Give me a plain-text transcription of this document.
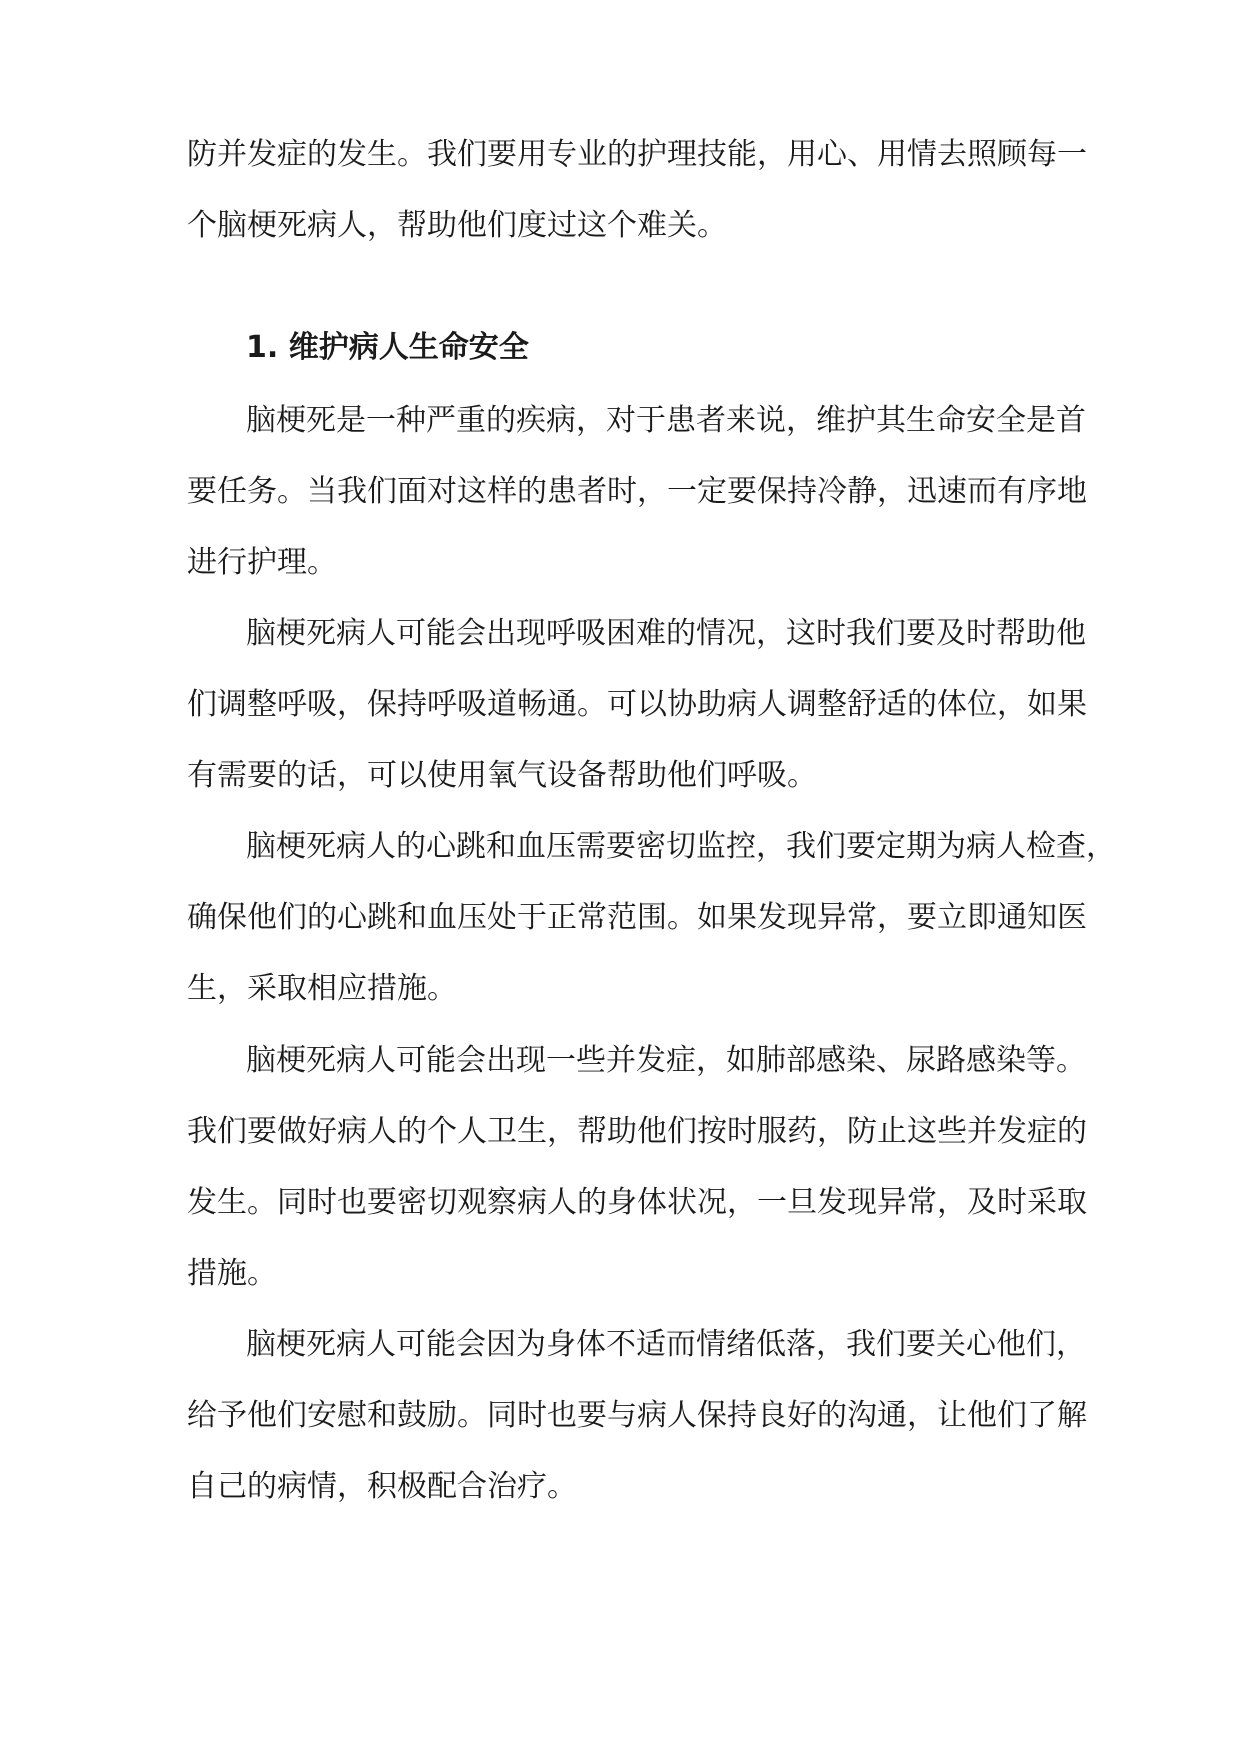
防并发症的发生。我们要用专业的护理技能，用心、用情去照顾每一
个脑梗死病人，帮助他们度过这个难关。
1. 维护病人生命安全
脑梗死是一种严重的疾病，对于患者来说，维护其生命安全是首
要任务。当我们面对这样的患者时，一定要保持冷静，迅速而有序地
进行护理。
脑梗死病人可能会出现呼吸困难的情况，这时我们要及时帮助他
们调整呼吸，保持呼吸道畅通。可以协助病人调整舒适的体位，如果
有需要的话，可以使用氧气设备帮助他们呼吸。
脑梗死病人的心跳和血压需要密切监控，我们要定期为病人检查，
确保他们的心跳和血压处于正常范围。如果发现异常，要立即通知医
生，采取相应措施。
脑梗死病人可能会出现一些并发症，如肺部感染、尿路感染等。
我们要做好病人的个人卫生，帮助他们按时服药，防止这些并发症的
发生。同时也要密切观察病人的身体状况，一旦发现异常，及时采取
措施。
脑梗死病人可能会因为身体不适而情绪低落，我们要关心他们，
给予他们安慰和鼓励。同时也要与病人保持良好的沟通，让他们了解
自己的病情，积极配合治疗。
